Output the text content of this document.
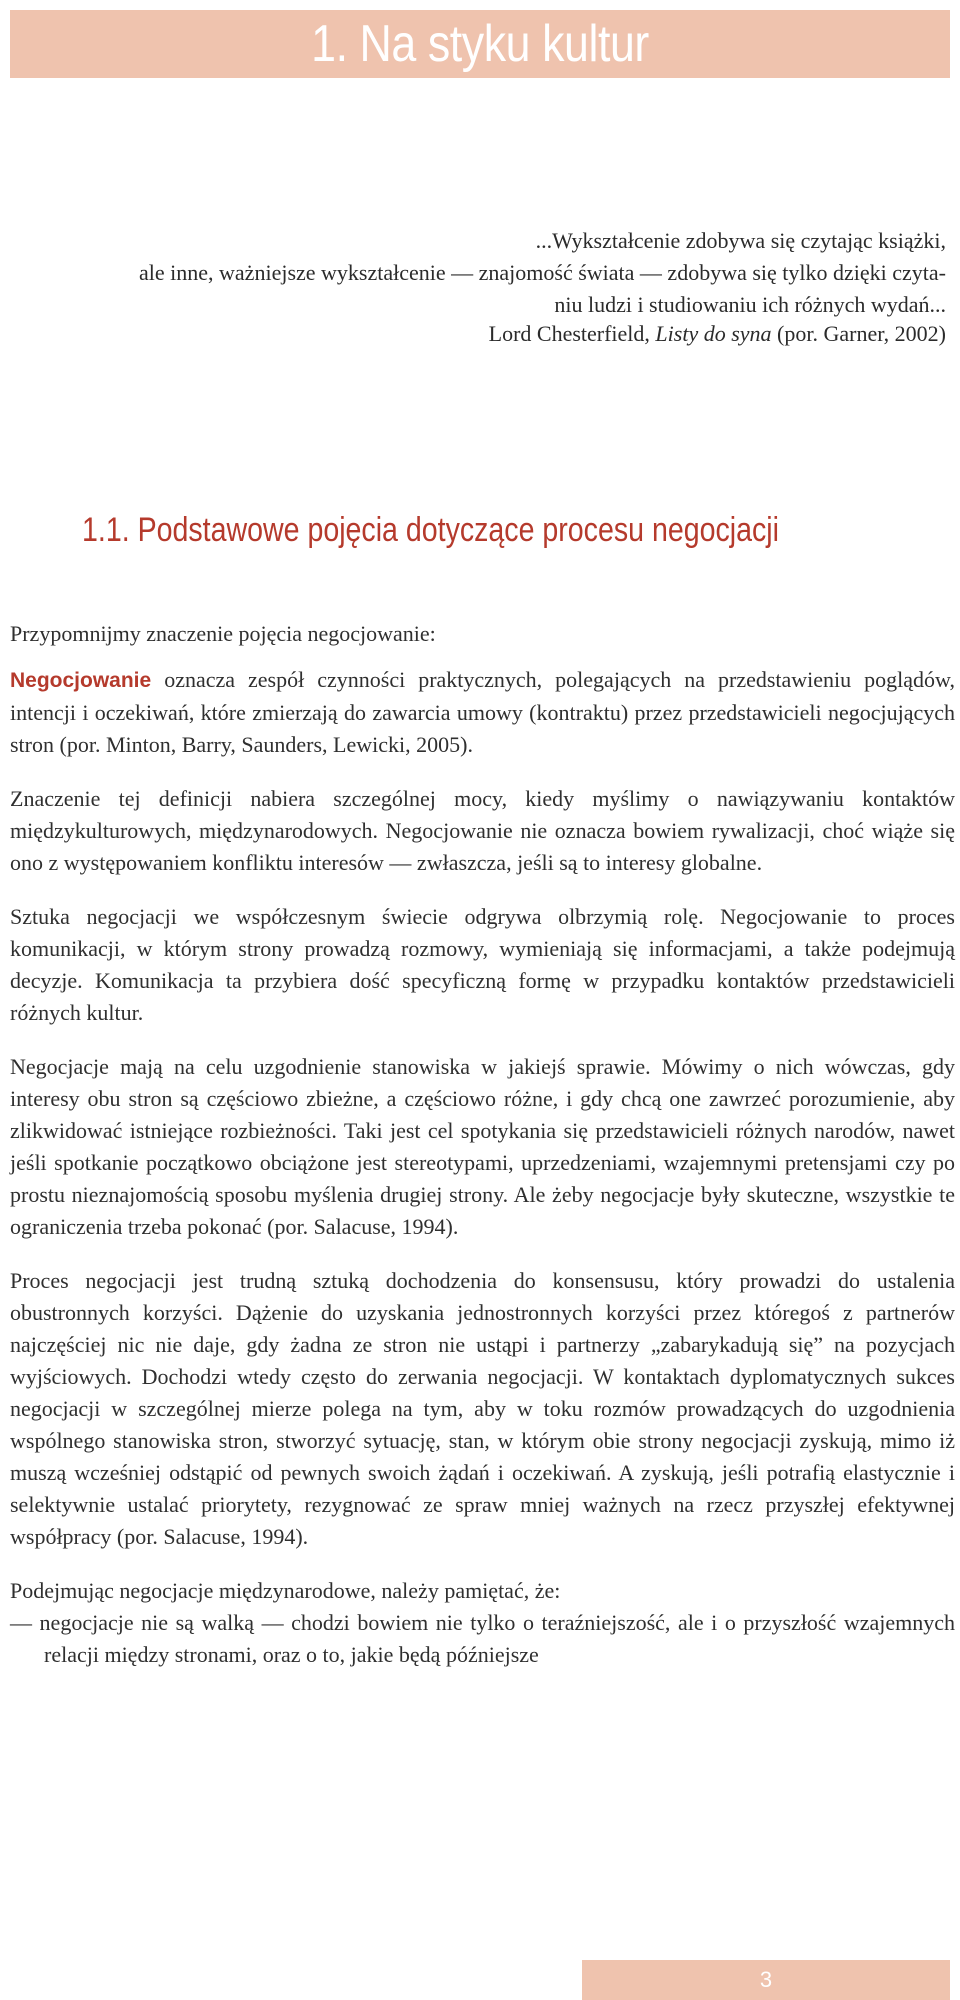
1. Na styku kultur

...Wykształcenie zdobywa się czytając książki,

ale inne, ważniejsze wykształcenie — znajomość świata — zdobywa się tylko dzięki czyta-

niu ludzi i studiowaniu ich różnych wydań...

Lord Chesterfield, Listy do syna (por. Garner, 2002)
1.1. Podstawowe pojęcia dotyczące procesu negocjacji

Przypomnijmy znaczenie pojęcia negocjowanie:

Negocjowanie oznacza zespół czynności praktycznych, polegających na przedstawieniu poglądów, intencji i oczekiwań, które zmierzają do zawarcia umowy (kontraktu) przez przedstawicieli negocjujących stron (por. Minton, Barry, Saunders, Lewicki, 2005).

Znaczenie tej definicji nabiera szczególnej mocy, kiedy myślimy o nawiązywaniu kontaktów międzykulturowych, międzynarodowych. Negocjowanie nie oznacza bowiem rywalizacji, choć wiąże się ono z występowaniem konfliktu interesów — zwłaszcza, jeśli są to interesy globalne.

Sztuka negocjacji we współczesnym świecie odgrywa olbrzymią rolę. Negocjowanie to proces komunikacji, w którym strony prowadzą rozmowy, wymieniają się informacjami, a także podejmują decyzje. Komunikacja ta przybiera dość specyficzną formę w przypadku kontaktów przedstawicieli różnych kultur.

Negocjacje mają na celu uzgodnienie stanowiska w jakiejś sprawie. Mówimy o nich wówczas, gdy interesy obu stron są częściowo zbieżne, a częściowo różne, i gdy chcą one zawrzeć porozumienie, aby zlikwidować istniejące rozbieżności. Taki jest cel spotykania się przedstawicieli różnych narodów, nawet jeśli spotkanie początkowo obciążone jest stereotypami, uprzedzeniami, wzajemnymi pretensjami czy po prostu nieznajomością sposobu myślenia drugiej strony. Ale żeby negocjacje były skuteczne, wszystkie te ograniczenia trzeba pokonać (por. Salacuse, 1994).

Proces negocjacji jest trudną sztuką dochodzenia do konsensusu, który prowadzi do ustalenia obustronnych korzyści. Dążenie do uzyskania jednostronnych korzyści przez któregoś z partnerów najczęściej nic nie daje, gdy żadna ze stron nie ustąpi i partnerzy „zabarykadują się” na pozycjach wyjściowych. Dochodzi wtedy często do zerwania negocjacji. W kontaktach dyplomatycznych sukces negocjacji w szczególnej mierze polega na tym, aby w toku rozmów prowadzących do uzgodnienia wspólnego stanowiska stron, stworzyć sytuację, stan, w którym obie strony negocjacji zyskują, mimo iż muszą wcześniej odstąpić od pewnych swoich żądań i oczekiwań. A zyskują, jeśli potrafią elastycznie i selektywnie ustalać priorytety, rezygnować ze spraw mniej ważnych na rzecz przyszłej efektywnej współpracy (por. Salacuse, 1994).

Podejmując negocjacje międzynarodowe, należy pamiętać, że:

— negocjacje nie są walką — chodzi bowiem nie tylko o teraźniejszość, ale i o przyszłość wzajemnych relacji między stronami, oraz o to, jakie będą późniejsze

3
